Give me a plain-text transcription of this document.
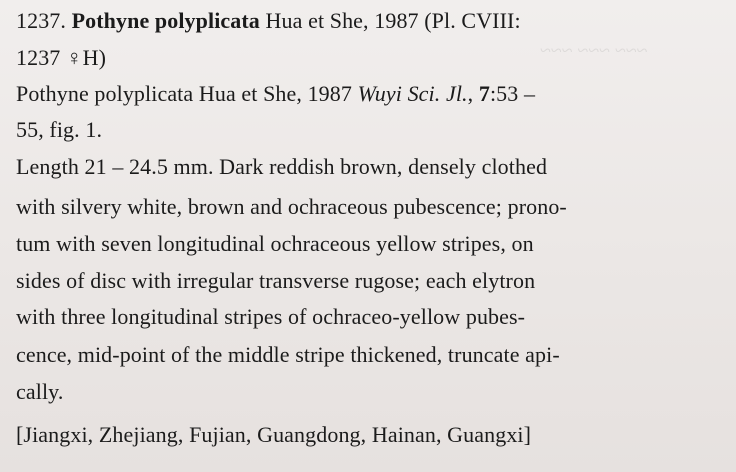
~~~ ~~~ ~~~
1237. Pothyne polyplicata Hua et She, 1987 (Pl. CVIII:
1237 ♀H)
Pothyne polyplicata Hua et She, 1987 Wuyi Sci. Jl., 7:53 –
55, fig. 1.
Length 21 – 24.5 mm. Dark reddish brown, densely clothed
with silvery white, brown and ochraceous pubescence; prono-
tum with seven longitudinal ochraceous yellow stripes, on
sides of disc with irregular transverse rugose; each elytron
with three longitudinal stripes of ochraceo-yellow pubes-
cence, mid-point of the middle stripe thickened, truncate api-
cally.
[Jiangxi, Zhejiang, Fujian, Guangdong, Hainan, Guangxi]
